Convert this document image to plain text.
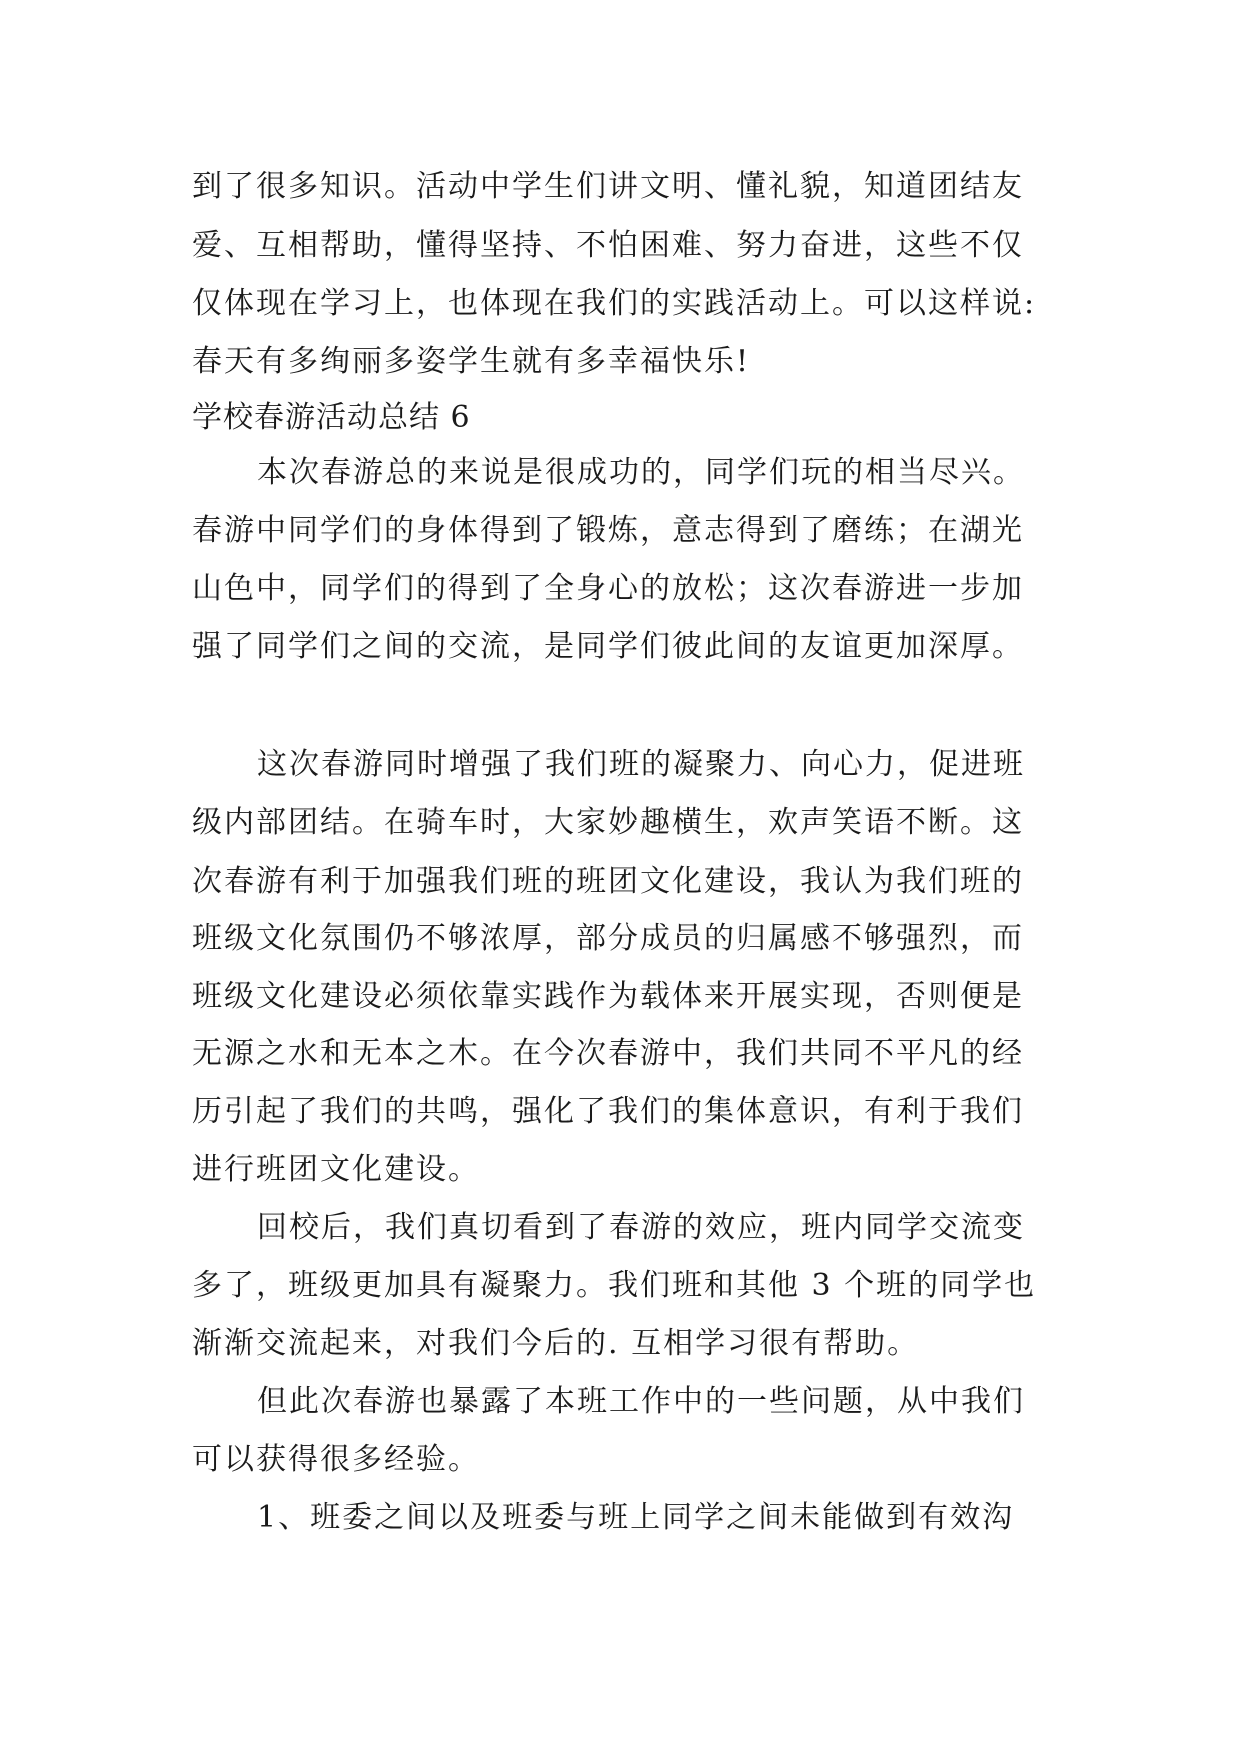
到了很多知识。活动中学生们讲文明、懂礼貌，知道团结友
爱、互相帮助，懂得坚持、不怕困难、努力奋进，这些不仅
仅体现在学习上，也体现在我们的实践活动上。可以这样说:
春天有多绚丽多姿学生就有多幸福快乐!
学校春游活动总结 6
本次春游总的来说是很成功的，同学们玩的相当尽兴。
春游中同学们的身体得到了锻炼，意志得到了磨练；在湖光
山色中，同学们的得到了全身心的放松；这次春游进一步加
强了同学们之间的交流，是同学们彼此间的友谊更加深厚。
这次春游同时增强了我们班的凝聚力、向心力，促进班
级内部团结。在骑车时，大家妙趣横生，欢声笑语不断。这
次春游有利于加强我们班的班团文化建设，我认为我们班的
班级文化氛围仍不够浓厚，部分成员的归属感不够强烈，而
班级文化建设必须依靠实践作为载体来开展实现，否则便是
无源之水和无本之木。在今次春游中，我们共同不平凡的经
历引起了我们的共鸣，强化了我们的集体意识，有利于我们
进行班团文化建设。
回校后，我们真切看到了春游的效应，班内同学交流变
多了，班级更加具有凝聚力。我们班和其他 3 个班的同学也
渐渐交流起来，对我们今后的. 互相学习很有帮助。
但此次春游也暴露了本班工作中的一些问题，从中我们
可以获得很多经验。
1、班委之间以及班委与班上同学之间未能做到有效沟
